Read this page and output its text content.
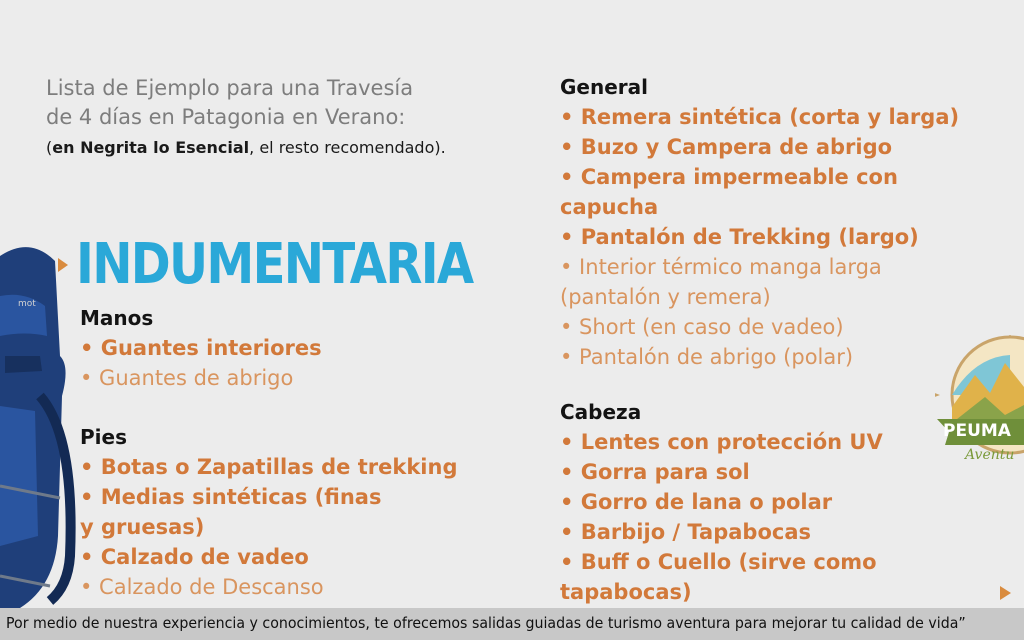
mot
Lista de Ejemplo para una Travesía
de 4 días en Patagonia en Verano:
(en Negrita lo Esencial, el resto recomendado).
INDUMENTARIA
Manos
• Guantes interiores
• Guantes de abrigo
Pies
• Botas o Zapatillas de trekking
• Medias sintéticas (finas
y gruesas)
• Calzado de vadeo
• Calzado de Descanso
General
• Remera sintética (corta y larga)
• Buzo y Campera de abrigo
• Campera impermeable con
capucha
• Pantalón de Trekking (largo)
• Interior térmico manga larga
(pantalón y remera)
• Short (en caso de vadeo)
• Pantalón de abrigo (polar)
Cabeza
• Lentes con protección UV
• Gorra para sol
• Gorro de lana o polar
• Barbijo / Tapabocas
• Buff o Cuello (sirve como
tapabocas)
PEUMA
Aventu
Por medio de nuestra experiencia y conocimientos, te ofrecemos salidas guiadas de turismo aventura para mejorar tu calidad de vida”
